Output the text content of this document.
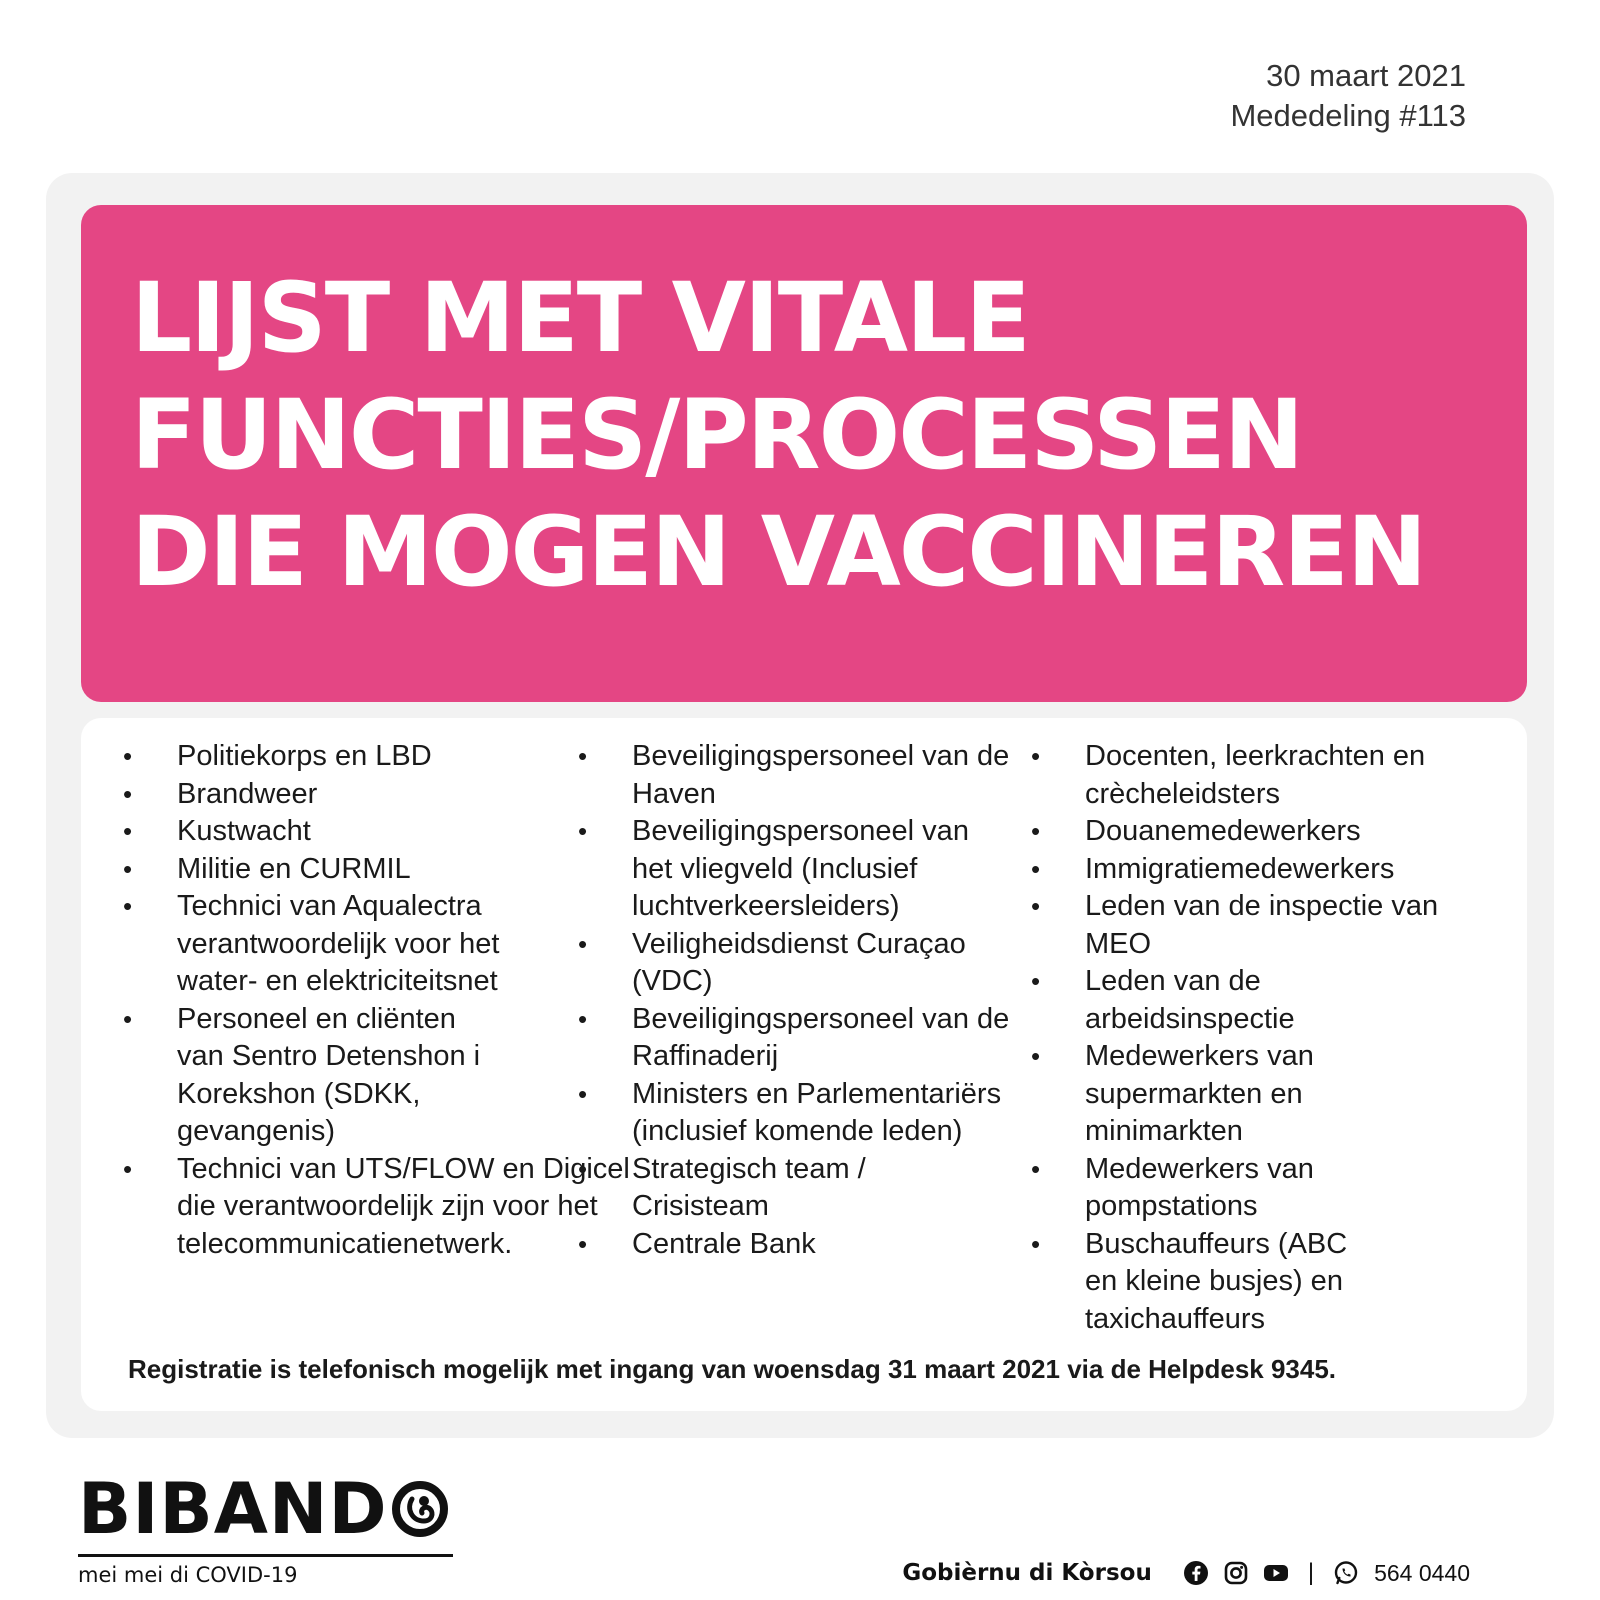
30 maart 2021
Mededeling #113
LIJST MET VITALE
FUNCTIES/PROCESSEN
DIE MOGEN VACCINEREN
• Politiekorps en LBD
• Brandweer
• Kustwacht
• Militie en CURMIL
• Technici van Aqualectra verantwoordelijk voor het water- en elektriciteitsnet
• Personeel en cliënten van Sentro Detenshon i Korekshon (SDKK, gevangenis)
• Technici van UTS/FLOW en Digicel die verantwoordelijk zijn voor het telecommunicatienetwerk.
• Beveiligingspersoneel van de Haven
• Beveiligingspersoneel van het vliegveld (Inclusief luchtverkeersleiders)
• Veiligheidsdienst Curaçao (VDC)
• Beveiligingspersoneel van de Raffinaderij
• Ministers en Parlementariërs (inclusief komende leden)
• Strategisch team / Crisisteam
• Centrale Bank
• Docenten, leerkrachten en crècheleidsters
• Douanemedewerkers
• Immigratiemedewerkers
• Leden van de inspectie van MEO
• Leden van de arbeidsinspectie
• Medewerkers van supermarkten en minimarkten
• Medewerkers van pompstations
• Buschauffeurs (ABC en kleine busjes) en taxichauffeurs

Registratie is telefonisch mogelijk met ingang van woensdag 31 maart 2021 via de Helpdesk 9345.

BIBAND
mei mei di COVID-19	Gobièrnu di Kòrsou	|	564 0440
